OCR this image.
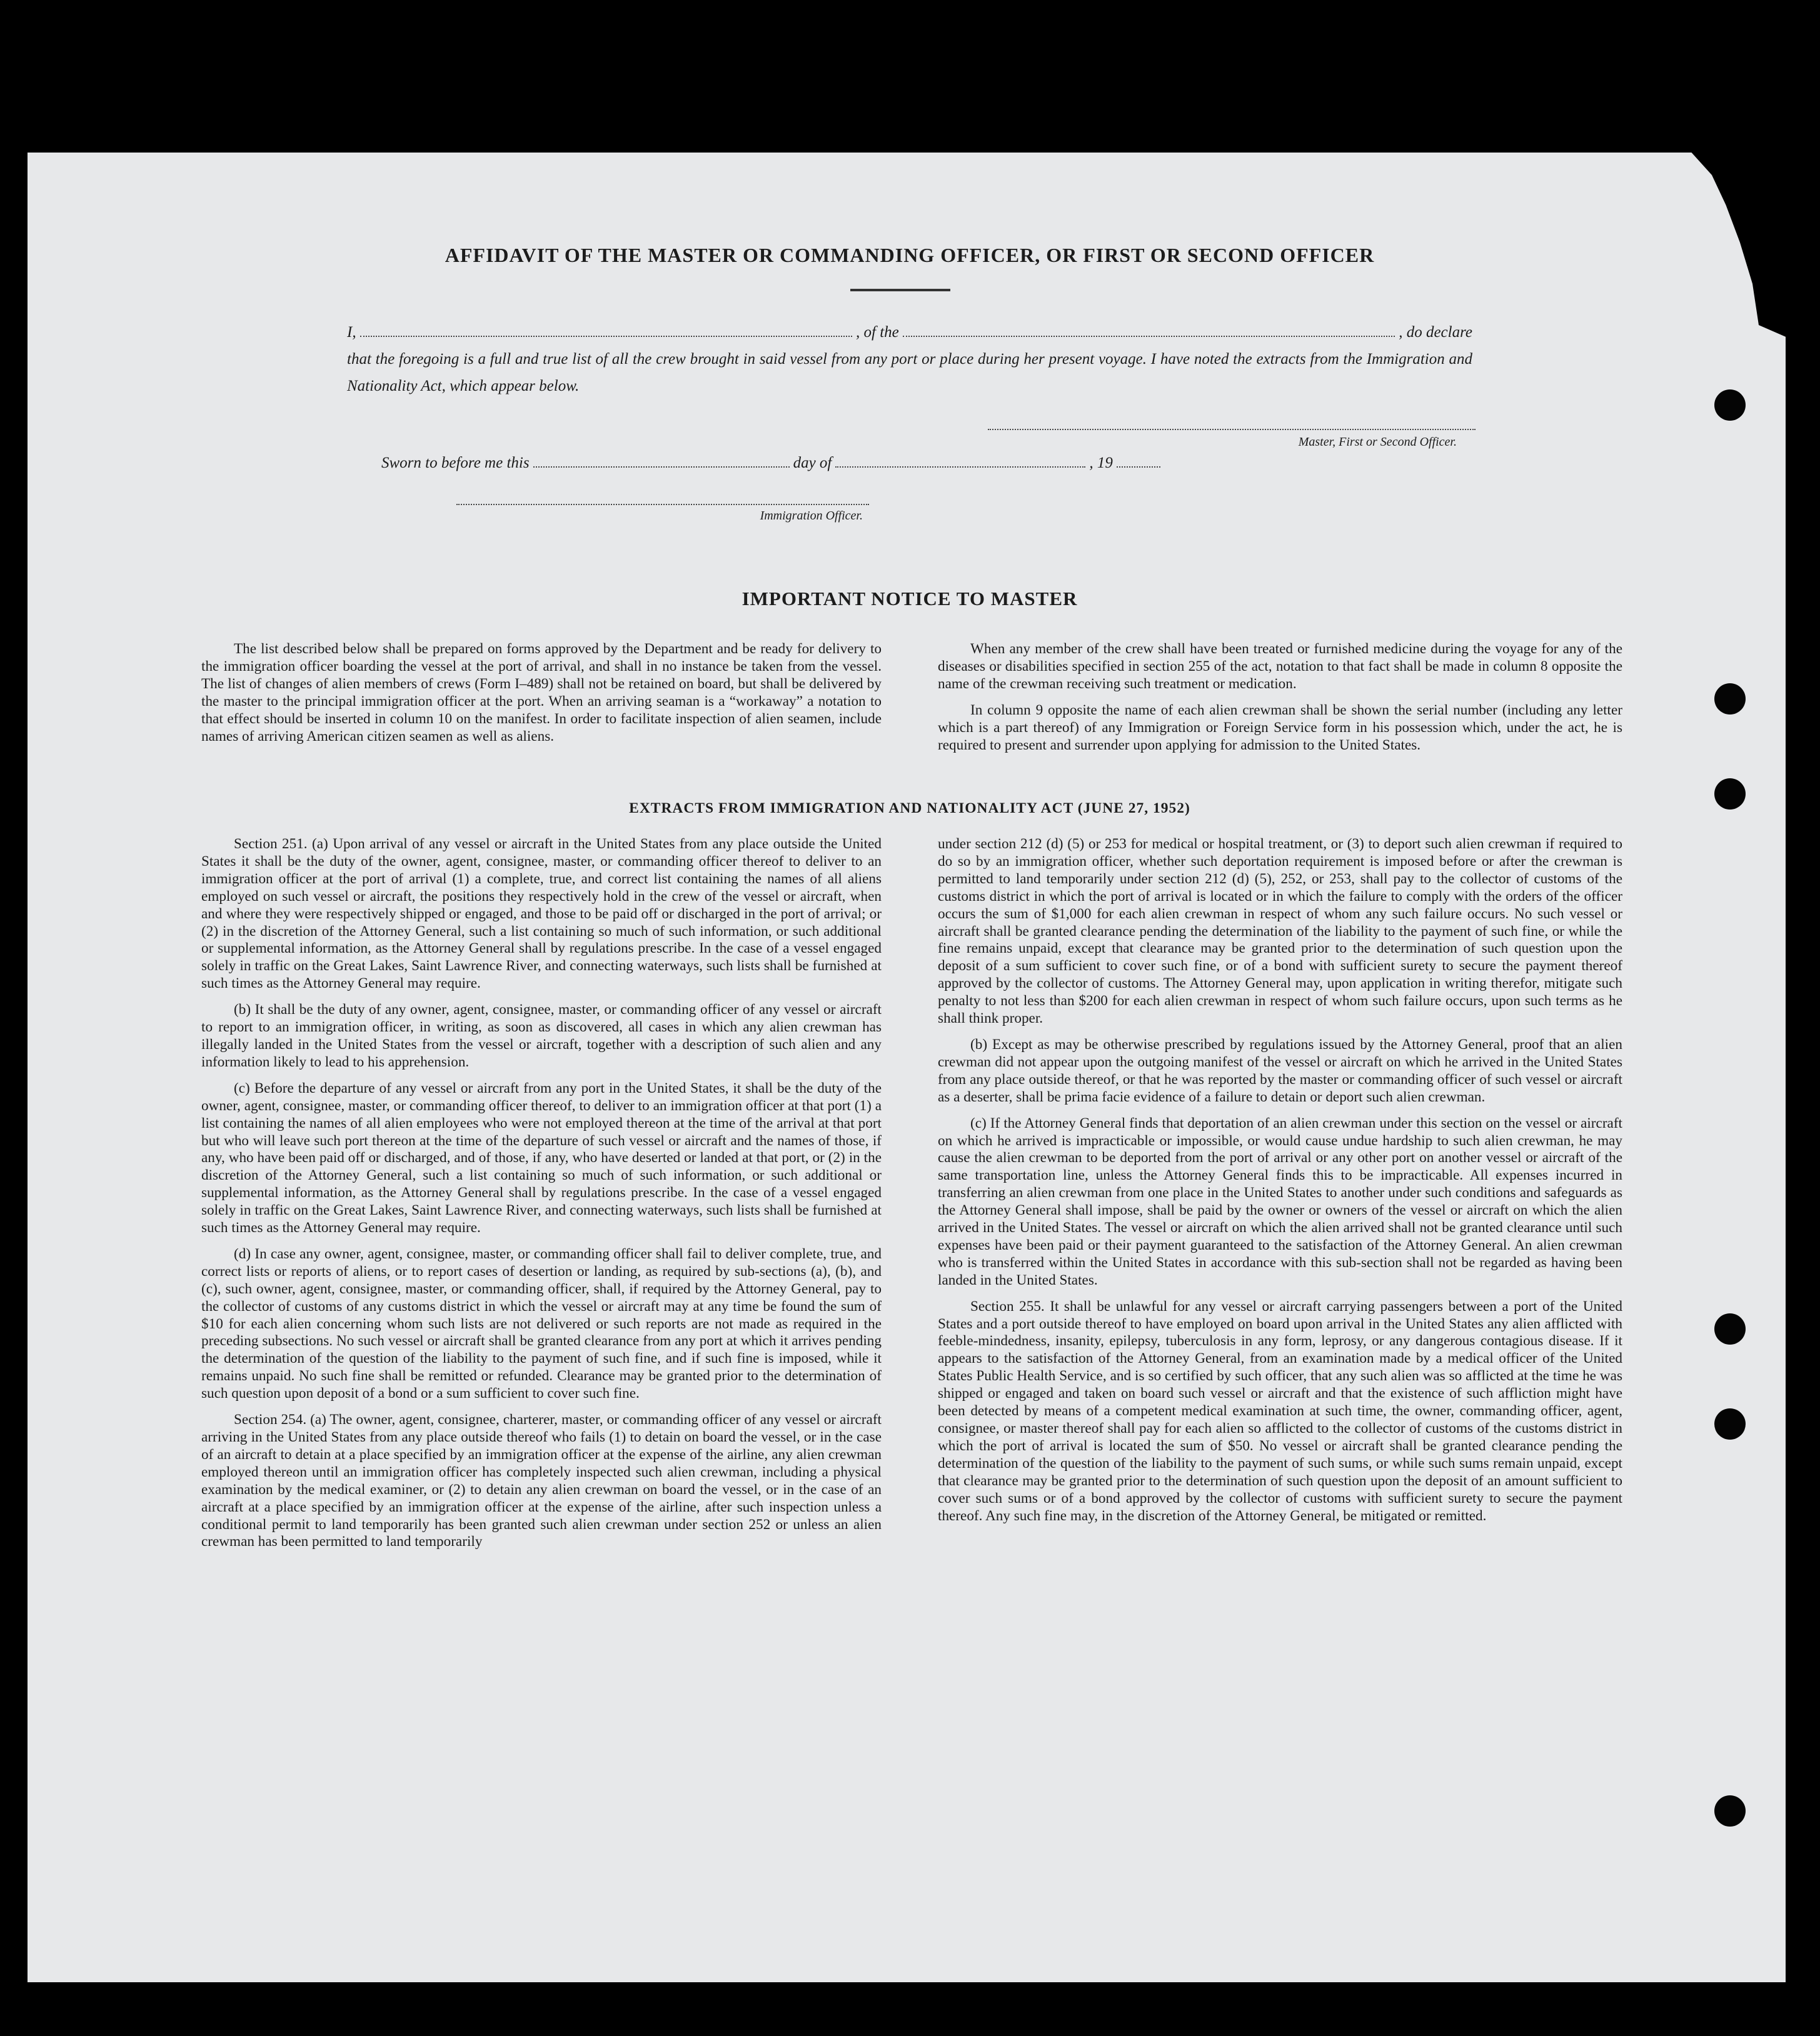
AFFIDAVIT OF THE MASTER OR COMMANDING OFFICER, OR FIRST OR SECOND OFFICER
I,	, of the	, do declare
that the foregoing is a full and true list of all the crew brought in said vessel from any port or place during her present voyage. I have noted the extracts from the Immigration and Nationality Act, which appear below.
Master, First or Second Officer.
Sworn to before me this	day of	, 19
Immigration Officer.
IMPORTANT NOTICE TO MASTER

The list described below shall be prepared on forms approved by the Department and be ready for delivery to the immigration officer boarding the vessel at the port of arrival, and shall in no instance be taken from the vessel. The list of changes of alien members of crews (Form I–489) shall not be retained on board, but shall be delivered by the master to the principal immigration officer at the port. When an arriving seaman is a “workaway” a notation to that effect should be inserted in column 10 on the manifest. In order to facilitate inspection of alien seamen, include names of arriving American citizen seamen as well as aliens.

When any member of the crew shall have been treated or furnished medicine during the voyage for any of the diseases or disabilities specified in section 255 of the act, notation to that fact shall be made in column 8 opposite the name of the crewman receiving such treatment or medication.

In column 9 opposite the name of each alien crewman shall be shown the serial number (including any letter which is a part thereof) of any Immigration or Foreign Service form in his possession which, under the act, he is required to present and surrender upon applying for admission to the United States.

EXTRACTS FROM IMMIGRATION AND NATIONALITY ACT (JUNE 27, 1952)

Section 251. (a) Upon arrival of any vessel or aircraft in the United States from any place outside the United States it shall be the duty of the owner, agent, consignee, master, or commanding officer thereof to deliver to an immigration officer at the port of arrival (1) a complete, true, and correct list containing the names of all aliens employed on such vessel or aircraft, the positions they respectively hold in the crew of the vessel or aircraft, when and where they were respectively shipped or engaged, and those to be paid off or discharged in the port of arrival; or (2) in the discretion of the Attorney General, such a list containing so much of such information, or such additional or supplemental information, as the Attorney General shall by regulations prescribe. In the case of a vessel engaged solely in traffic on the Great Lakes, Saint Lawrence River, and connecting waterways, such lists shall be furnished at such times as the Attorney General may require.

(b) It shall be the duty of any owner, agent, consignee, master, or commanding officer of any vessel or aircraft to report to an immigration officer, in writing, as soon as discovered, all cases in which any alien crewman has illegally landed in the United States from the vessel or aircraft, together with a description of such alien and any information likely to lead to his apprehension.

(c) Before the departure of any vessel or aircraft from any port in the United States, it shall be the duty of the owner, agent, consignee, master, or commanding officer thereof, to deliver to an immigration officer at that port (1) a list containing the names of all alien employees who were not employed thereon at the time of the arrival at that port but who will leave such port thereon at the time of the departure of such vessel or aircraft and the names of those, if any, who have been paid off or discharged, and of those, if any, who have deserted or landed at that port, or (2) in the discretion of the Attorney General, such a list containing so much of such information, or such additional or supplemental information, as the Attorney General shall by regulations prescribe. In the case of a vessel engaged solely in traffic on the Great Lakes, Saint Lawrence River, and connecting waterways, such lists shall be furnished at such times as the Attorney General may require.

(d) In case any owner, agent, consignee, master, or commanding officer shall fail to deliver complete, true, and correct lists or reports of aliens, or to report cases of desertion or landing, as required by sub-sections (a), (b), and (c), such owner, agent, consignee, master, or commanding officer, shall, if required by the Attorney General, pay to the collector of customs of any customs district in which the vessel or aircraft may at any time be found the sum of $10 for each alien concerning whom such lists are not delivered or such reports are not made as required in the preceding subsections. No such vessel or aircraft shall be granted clearance from any port at which it arrives pending the determination of the question of the liability to the payment of such fine, and if such fine is imposed, while it remains unpaid. No such fine shall be remitted or refunded. Clearance may be granted prior to the determination of such question upon deposit of a bond or a sum sufficient to cover such fine.

Section 254. (a) The owner, agent, consignee, charterer, master, or commanding officer of any vessel or aircraft arriving in the United States from any place outside thereof who fails (1) to detain on board the vessel, or in the case of an aircraft to detain at a place specified by an immigration officer at the expense of the airline, any alien crewman employed thereon until an immigration officer has completely inspected such alien crewman, including a physical examination by the medical examiner, or (2) to detain any alien crewman on board the vessel, or in the case of an aircraft at a place specified by an immigration officer at the expense of the airline, after such inspection unless a conditional permit to land temporarily has been granted such alien crewman under section 252 or unless an alien crewman has been permitted to land temporarily

under section 212 (d) (5) or 253 for medical or hospital treatment, or (3) to deport such alien crewman if required to do so by an immigration officer, whether such deportation requirement is imposed before or after the crewman is permitted to land temporarily under section 212 (d) (5), 252, or 253, shall pay to the collector of customs of the customs district in which the port of arrival is located or in which the failure to comply with the orders of the officer occurs the sum of $1,000 for each alien crewman in respect of whom any such failure occurs. No such vessel or aircraft shall be granted clearance pending the determination of the liability to the payment of such fine, or while the fine remains unpaid, except that clearance may be granted prior to the determination of such question upon the deposit of a sum sufficient to cover such fine, or of a bond with sufficient surety to secure the payment thereof approved by the collector of customs. The Attorney General may, upon application in writing therefor, mitigate such penalty to not less than $200 for each alien crewman in respect of whom such failure occurs, upon such terms as he shall think proper.

(b) Except as may be otherwise prescribed by regulations issued by the Attorney General, proof that an alien crewman did not appear upon the outgoing manifest of the vessel or aircraft on which he arrived in the United States from any place outside thereof, or that he was reported by the master or commanding officer of such vessel or aircraft as a deserter, shall be prima facie evidence of a failure to detain or deport such alien crewman.

(c) If the Attorney General finds that deportation of an alien crewman under this section on the vessel or aircraft on which he arrived is impracticable or impossible, or would cause undue hardship to such alien crewman, he may cause the alien crewman to be deported from the port of arrival or any other port on another vessel or aircraft of the same transportation line, unless the Attorney General finds this to be impracticable. All expenses incurred in transferring an alien crewman from one place in the United States to another under such conditions and safeguards as the Attorney General shall impose, shall be paid by the owner or owners of the vessel or aircraft on which the alien arrived in the United States. The vessel or aircraft on which the alien arrived shall not be granted clearance until such expenses have been paid or their payment guaranteed to the satisfaction of the Attorney General. An alien crewman who is transferred within the United States in accordance with this sub-section shall not be regarded as having been landed in the United States.

Section 255. It shall be unlawful for any vessel or aircraft carrying passengers between a port of the United States and a port outside thereof to have employed on board upon arrival in the United States any alien afflicted with feeble-mindedness, insanity, epilepsy, tuberculosis in any form, leprosy, or any dangerous contagious disease. If it appears to the satisfaction of the Attorney General, from an examination made by a medical officer of the United States Public Health Service, and is so certified by such officer, that any such alien was so afflicted at the time he was shipped or engaged and taken on board such vessel or aircraft and that the existence of such affliction might have been detected by means of a competent medical examination at such time, the owner, commanding officer, agent, consignee, or master thereof shall pay for each alien so afflicted to the collector of customs of the customs district in which the port of arrival is located the sum of $50. No vessel or aircraft shall be granted clearance pending the determination of the question of the liability to the payment of such sums, or while such sums remain unpaid, except that clearance may be granted prior to the determination of such question upon the deposit of an amount sufficient to cover such sums or of a bond approved by the collector of customs with sufficient surety to secure the payment thereof. Any such fine may, in the discretion of the Attorney General, be mitigated or remitted.
